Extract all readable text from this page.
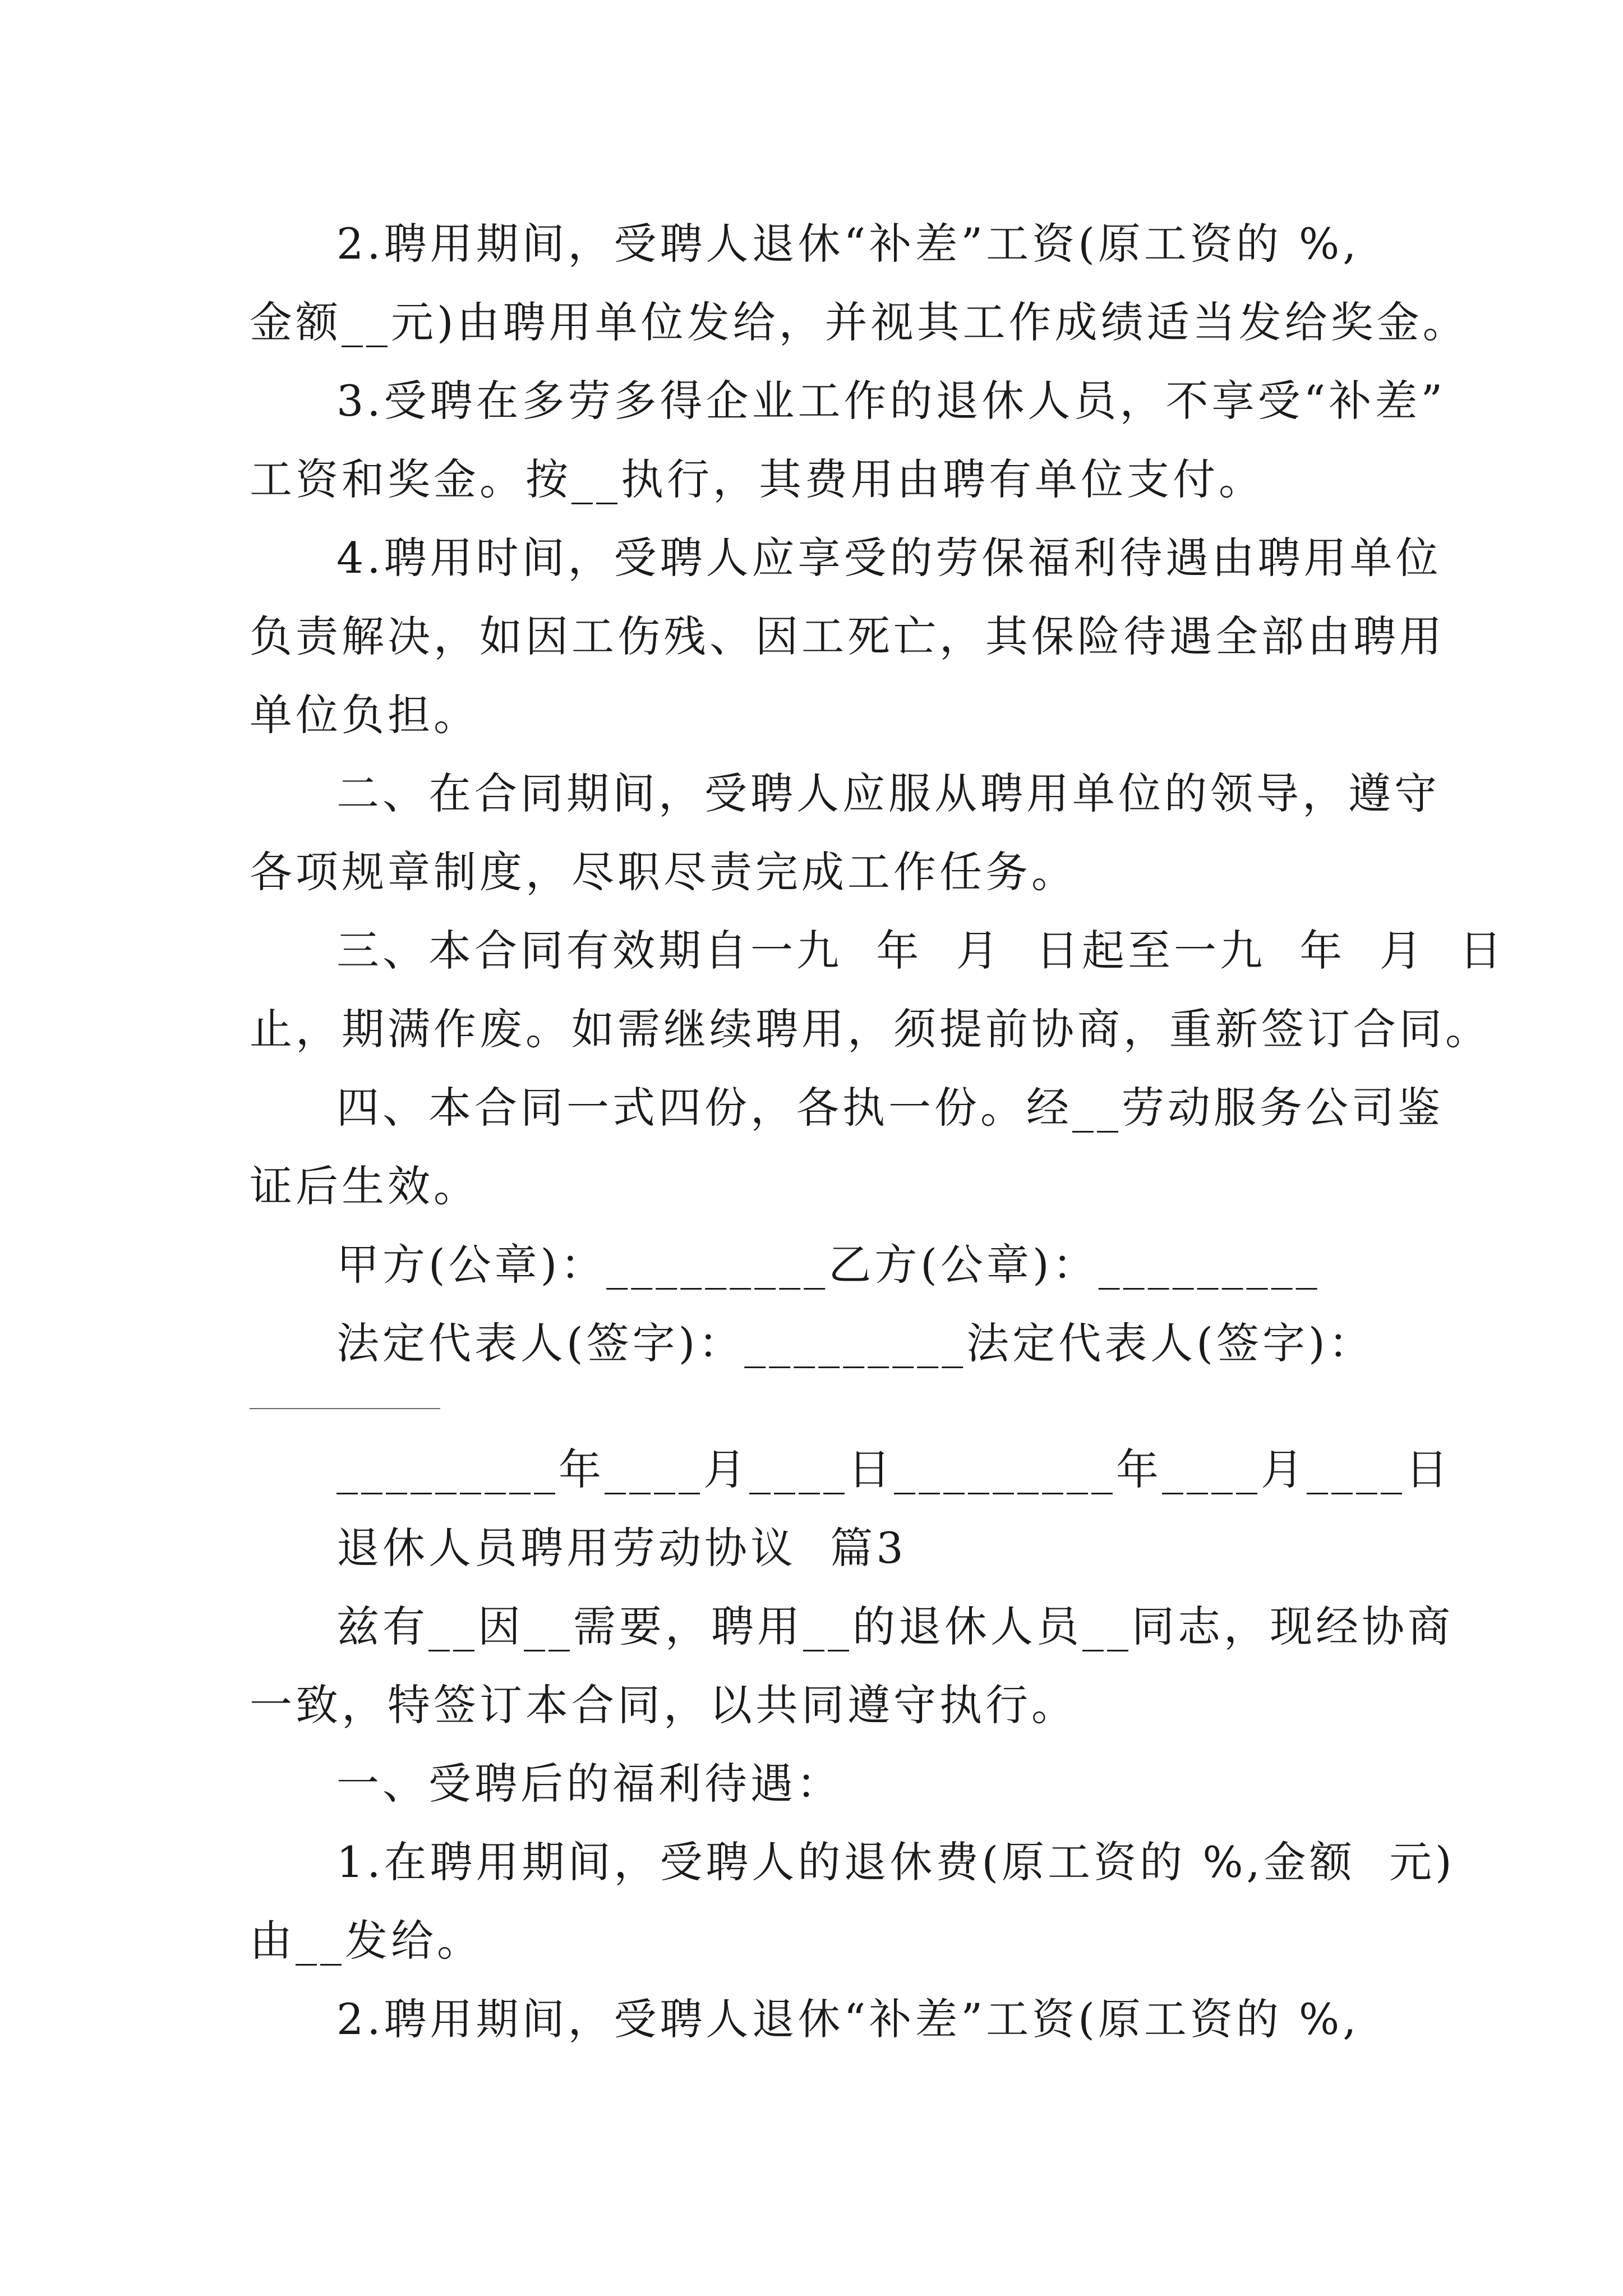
2.聘用期间，受聘人退休“补差”工资(原工资的 %,
金额__元)由聘用单位发给，并视其工作成绩适当发给奖金。
3.受聘在多劳多得企业工作的退休人员，不享受“补差”
工资和奖金。按__执行，其费用由聘有单位支付。
4.聘用时间，受聘人应享受的劳保福利待遇由聘用单位
负责解决，如因工伤残、因工死亡，其保险待遇全部由聘用
单位负担。
二、在合同期间，受聘人应服从聘用单位的领导，遵守
各项规章制度，尽职尽责完成工作任务。
三、本合同有效期自一九  年  月  日起至一九  年  月  日
止，期满作废。如需继续聘用，须提前协商，重新签订合同。
四、本合同一式四份，各执一份。经__劳动服务公司鉴
证后生效。
甲方(公章)：_________乙方(公章)：_________
法定代表人(签字)：_________法定代表人(签字)：
_________年____月____日_________年____月____日
退休人员聘用劳动协议  篇3
兹有__因__需要，聘用__的退休人员__同志，现经协商
一致，特签订本合同，以共同遵守执行。
一、受聘后的福利待遇：
1.在聘用期间，受聘人的退休费(原工资的 %,金额  元)
由__发给。
2.聘用期间，受聘人退休“补差”工资(原工资的 %,
